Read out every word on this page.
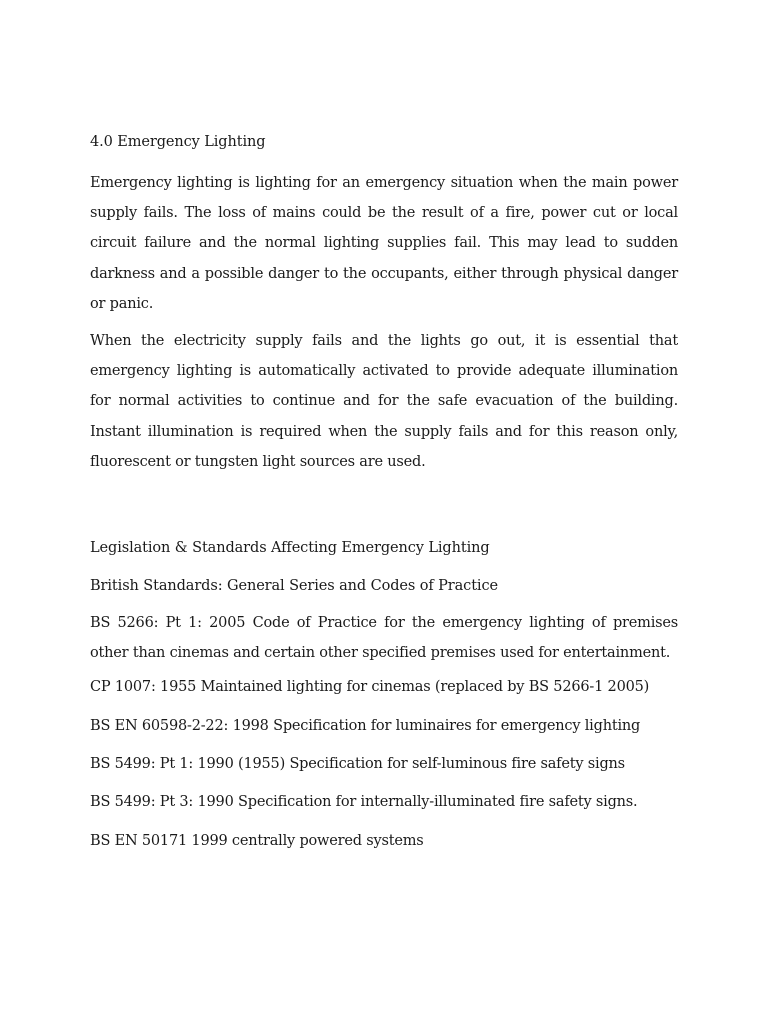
4.0 Emergency Lighting

Emergency lighting is lighting for an emergency situation when the main power supply fails. The loss of mains could be the result of a fire, power cut or local circuit failure and the normal lighting supplies fail. This may lead to sudden darkness and a possible danger to the occupants, either through physical danger or panic.

When the electricity supply fails and the lights go out, it is essential that emergency lighting is automatically activated to provide adequate illumination for normal activities to continue and for the safe evacuation of the building. Instant illumination is required when the supply fails and for this reason only, fluorescent or tungsten light sources are used.

Legislation & Standards Affecting Emergency Lighting
British Standards: General Series and Codes of Practice

BS 5266: Pt 1: 2005 Code of Practice for the emergency lighting of premises other than cinemas and certain other specified premises used for entertainment.

CP 1007: 1955 Maintained lighting for cinemas (replaced by BS 5266-1 2005)

BS EN 60598-2-22: 1998 Specification for luminaires for emergency lighting

BS 5499: Pt 1: 1990 (1955) Specification for self-luminous fire safety signs

BS 5499: Pt 3: 1990 Specification for internally-illuminated fire safety signs.

BS EN 50171 1999 centrally powered systems
